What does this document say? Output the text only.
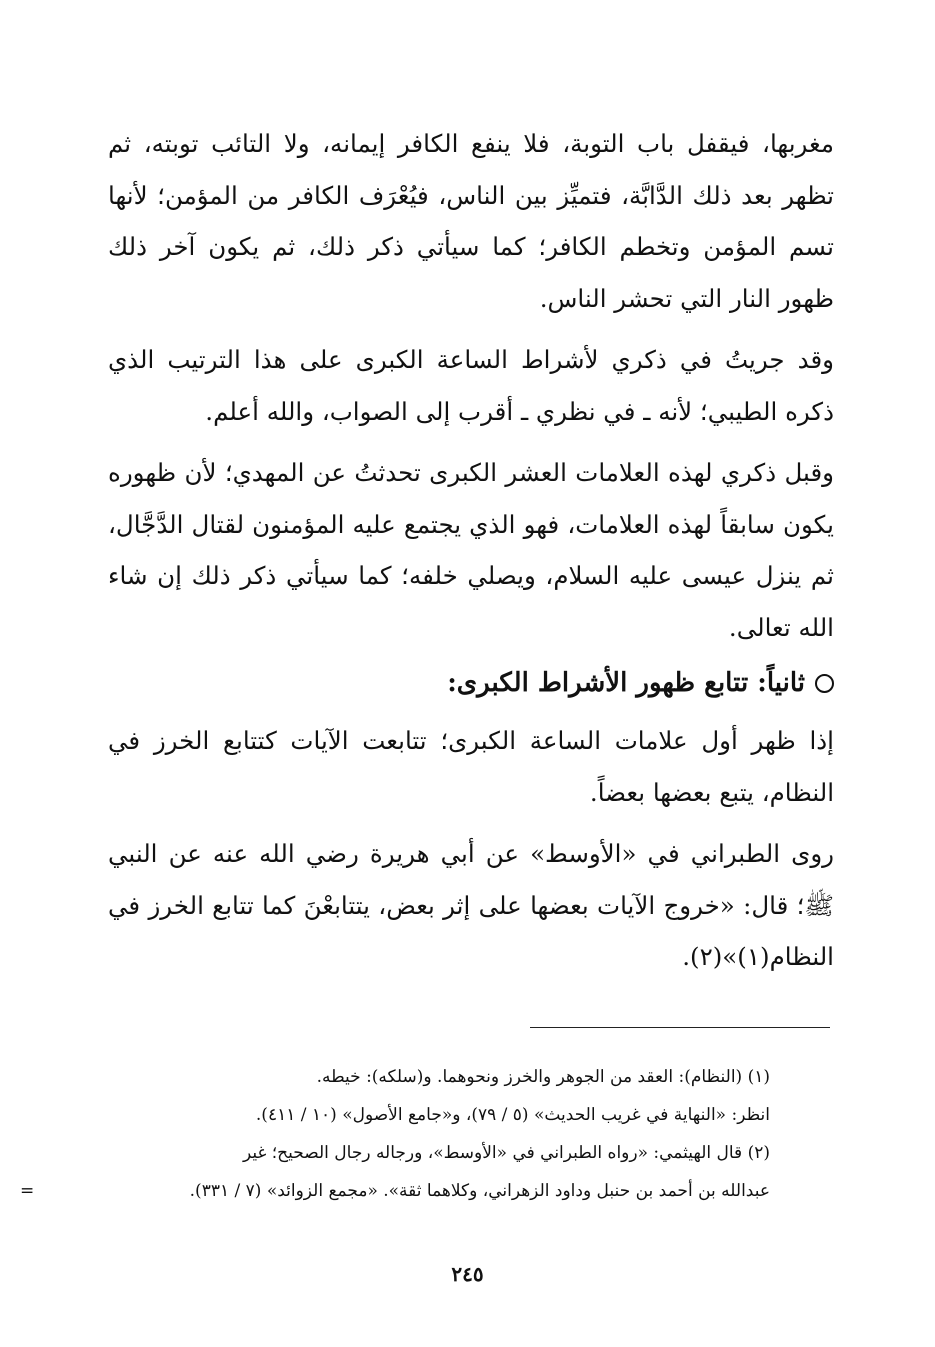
مغربها، فيقفل باب التوبة، فلا ينفع الكافر إيمانه، ولا التائب توبته، ثم تظهر بعد ذلك الدَّابَّة، فتميِّز بين الناس، فيُعْرَف الكافر من المؤمن؛ لأنها تسم المؤمن وتخطم الكافر؛ كما سيأتي ذكر ذلك، ثم يكون آخر ذلك ظهور النار التي تحشر الناس.

وقد جريتُ في ذكري لأشراط الساعة الكبرى على هذا الترتيب الذي ذكره الطيبي؛ لأنه ـ في نظري ـ أقرب إلى الصواب، والله أعلم.

وقبل ذكري لهذه العلامات العشر الكبرى تحدثتُ عن المهدي؛ لأن ظهوره يكون سابقاً لهذه العلامات، فهو الذي يجتمع عليه المؤمنون لقتال الدَّجَّال، ثم ينزل عيسى عليه السلام، ويصلي خلفه؛ كما سيأتي ذكر ذلك إن شاء الله تعالى.

ثانياً: تتابع ظهور الأشراط الكبرى:

إذا ظهر أول علامات الساعة الكبرى؛ تتابعت الآيات كتتابع الخرز في النظام، يتبع بعضها بعضاً.

روى الطبراني في «الأوسط» عن أبي هريرة رضي الله عنه عن النبي ﷺ؛ قال: «خروج الآيات بعضها على إثر بعض، يتتابعْنَ كما تتابع الخرز في النظام(١)»(٢).

(١) (النظام): العقد من الجوهر والخرز ونحوهما. و(سلكه): خيطه.

انظر: «النهاية في غريب الحديث» (٥ / ٧٩)، و«جامع الأصول» (١٠ / ٤١١).

(٢) قال الهيثمي: «رواه الطبراني في «الأوسط»، ورجاله رجال الصحيح؛ غير

عبدالله بن أحمد بن حنبل وداود الزهراني، وكلاهما ثقة». «مجمع الزوائد» (٧ / ٣٣١).
=
٢٤٥
